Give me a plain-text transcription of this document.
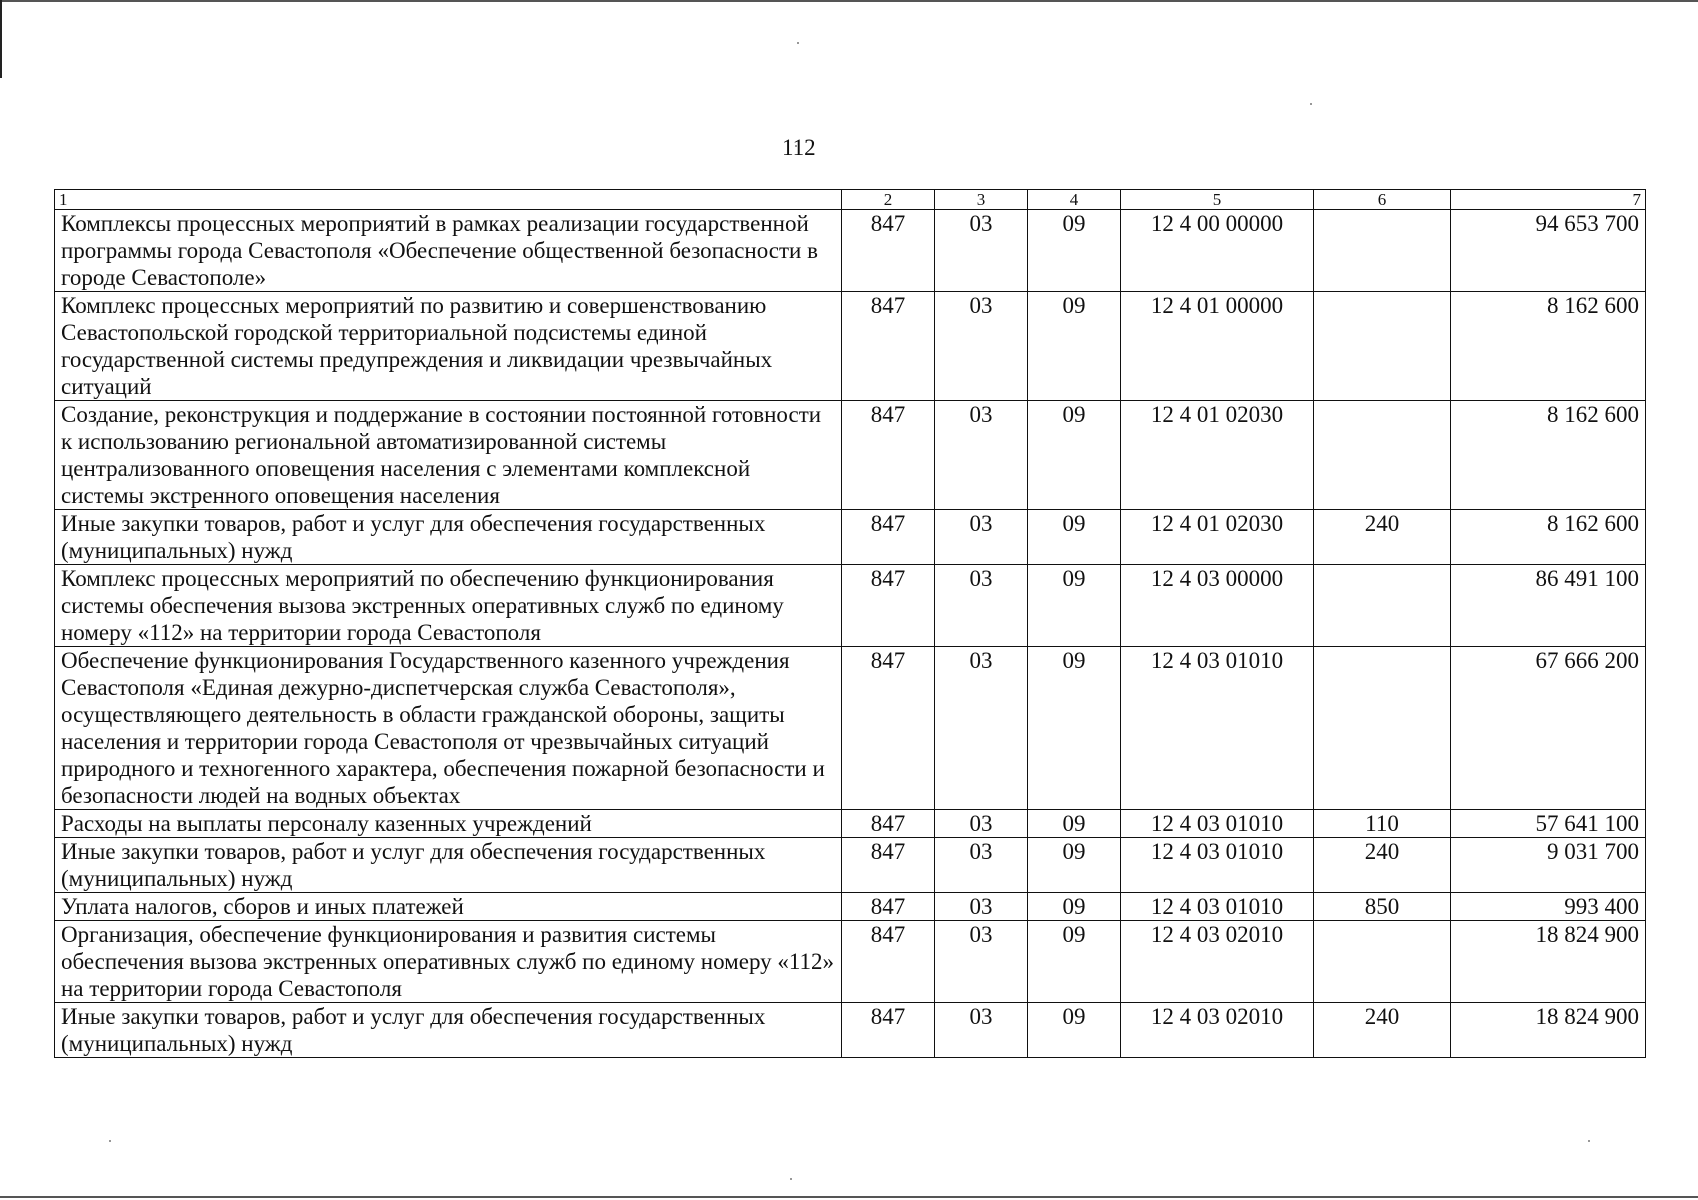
112
1	2	3	4	5	6	7
Комплексы процессных мероприятий в рамках реализации государственной программы города Севастополя «Обеспечение общественной безопасности в городе Севастополе»	847	03	09	12 4 00 00000		94 653 700
Комплекс процессных мероприятий по развитию и совершенствованию Севастопольской городской территориальной подсистемы единой государственной системы предупреждения и ликвидации чрезвычайных ситуаций	847	03	09	12 4 01 00000		8 162 600
Создание, реконструкция и поддержание в состоянии постоянной готовности к использованию региональной автоматизированной системы централизованного оповещения населения с элементами комплексной системы экстренного оповещения населения	847	03	09	12 4 01 02030		8 162 600
Иные закупки товаров, работ и услуг для обеспечения государственных (муниципальных) нужд	847	03	09	12 4 01 02030	240	8 162 600
Комплекс процессных мероприятий по обеспечению функционирования системы обеспечения вызова экстренных оперативных служб по единому номеру «112» на территории города Севастополя	847	03	09	12 4 03 00000		86 491 100
Обеспечение функционирования Государственного казенного учреждения Севастополя «Единая дежурно-диспетчерская служба Севастополя», осуществляющего деятельность в области гражданской обороны, защиты населения и территории города Севастополя от чрезвычайных ситуаций природного и техногенного характера, обеспечения пожарной безопасности и безопасности людей на водных объектах	847	03	09	12 4 03 01010		67 666 200
Расходы на выплаты персоналу казенных учреждений	847	03	09	12 4 03 01010	110	57 641 100
Иные закупки товаров, работ и услуг для обеспечения государственных (муниципальных) нужд	847	03	09	12 4 03 01010	240	9 031 700
Уплата налогов, сборов и иных платежей	847	03	09	12 4 03 01010	850	993 400
Организация, обеспечение функционирования и развития системы обеспечения вызова экстренных оперативных служб по единому номеру «112» на территории города Севастополя	847	03	09	12 4 03 02010		18 824 900
Иные закупки товаров, работ и услуг для обеспечения государственных (муниципальных) нужд	847	03	09	12 4 03 02010	240	18 824 900
